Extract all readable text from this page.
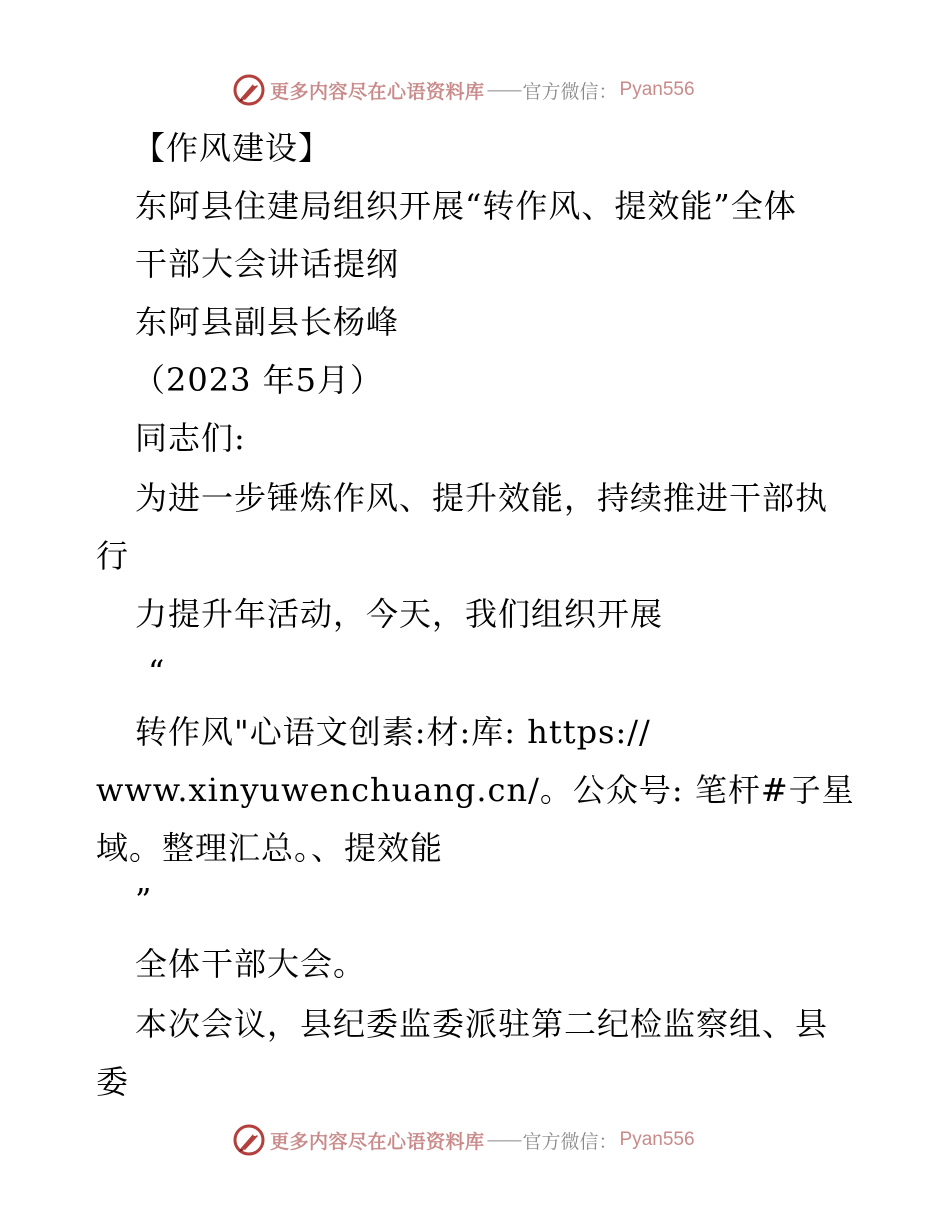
更多内容尽在心语资料库 —— 官方微信： Pyan556
【作风建设】
东阿县住建局组织开展“转作风、提效能”全体
干部大会讲话提纲
东阿县副县长杨峰
（2023 年5月）
同志们:
为进一步锤炼作风、提升效能，持续推进干部执
行
力提升年活动，今天，我们组织开展
“
转作风"心语文创素:材:库: https://
www.xinyuwenchuang.cn/。公众号: 笔杆#子星
域。整理汇总。、提效能
”
全体干部大会。
本次会议，县纪委监委派驻第二纪检监察组、县
委
更多内容尽在心语资料库 —— 官方微信： Pyan556
